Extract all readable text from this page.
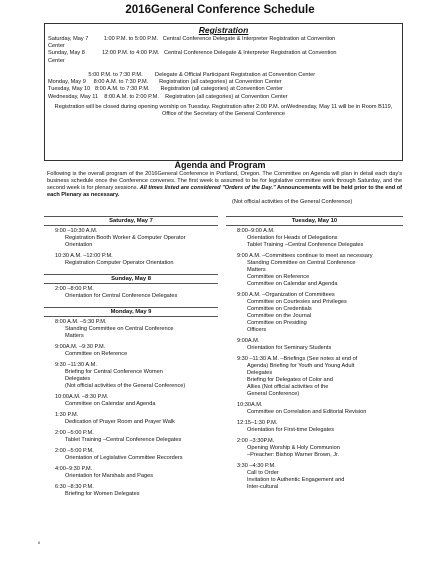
2016General Conference Schedule
Registration
Saturday, May 7          1:00 P.M. to 5:00 P.M.   Central Conference Delegate & Interpreter Registration at Convention
Center
Sunday, May 8           12:00 P.M. to 4:00 P.M.   Central Conference Delegate & Interpreter Registration at Convention
Center
5:00 P.M. to 7:30 P.M.        Delegate & Official Participant Registration at Convention Center
Monday, May 9     8:00 A.M. to 7:30 P.M.       Registration (all categories) at Convention Center
Tuesday, May 10   8:00 A.M. to 7:30 P.M.       Registration (all categories) at Convention Center
Wednesday, May 11    8:00 A.M. to 2:00 P.M.    Registration (all categories) at Convention Center
Registration will be closed during opening worship on Tuesday. Registration after 2:00 P.M. onWednesday, May 11 will be in Room B119, Office of the Secretary of the General Conference
Agenda and Program
Following is the overall program of the 2016General Conference in Portland, Oregon. The Committee on Agenda will plan in detail each day's business schedule once the Conference convenes. The first week is assumed to be for legislative committee work through Saturday, and the second week is for plenary sessions. All times listed are considered "Orders of the Day." Announcements will be held prior to the end of each Plenary as necessary.
(Not official activities of the General Conference)
Saturday, May 7
9:00 –10:30 A.M.
Registration Booth Worker & Computer Operator
Orientation
10:30 A.M. –12:00 P.M.
Registration Computer Operator Orientation
Sunday, May 8
2:00 –8:00 P.M.
Orientation for Central Conference Delegates
Monday, May 9
8:00 A.M. –5:30 P.M.
Standing Committee on Central Conference
Matters
9:00A.M. –9:30 P.M.
Committee on Reference
9:30 –11:30 A.M.
Briefing for Central Conference Women
Delegates
(Not official activities of the General Conference)
10:00A.M. –8:30 P.M.
Committee on Calendar and Agenda
1:30 P.M.
Dedication of Prayer Room and Prayer Walk
2:00 –5:00 P.M.
Tablet Training –Central Conference Delegates
2:00 –5:00 P.M.
Orientation of Legislative Committee Recorders
4:00–9:30 P.M.
Orientation for Marshals and Pages
6:30 –8:30 P.M.
Briefing for Women Delegates
Tuesday, May 10
8:00–9:00 A.M.
Orientation for Heads of Delegations
Tablet Training –Central Conference Delegates
9:00 A.M. –Committees continue to meet as necessary
Standing Committee on Central Conference
Matters
Committee on Reference
Committee on Calendar and Agenda
9:00 A.M. –Organization of Committees
Committee on Courtesies and Privileges
Committee on Credentials
Committee on the Journal
Committee on Presiding
Officers
9:00A.M.
Orientation for Seminary Students
9:30 –11:30 A.M. –Briefings (See notes at end of
Agenda) Briefing for Youth and Young Adult
Delegates
Briefing for Delegates of Color and
Allies (Not official activities of the
General Conference)
10:30A.M.
Committee on Correlation and Editorial Revision
12:15–1:30 P.M.
Orientation for First-time Delegates
2:00 –3:30P.M.
Opening Worship & Holy Communion
–Preacher: Bishop Warner Brown, Jr.
3:30 –4:30 P.M.
Call to Order
Invitation to Authentic Engagement and
Inter-cultural
8
